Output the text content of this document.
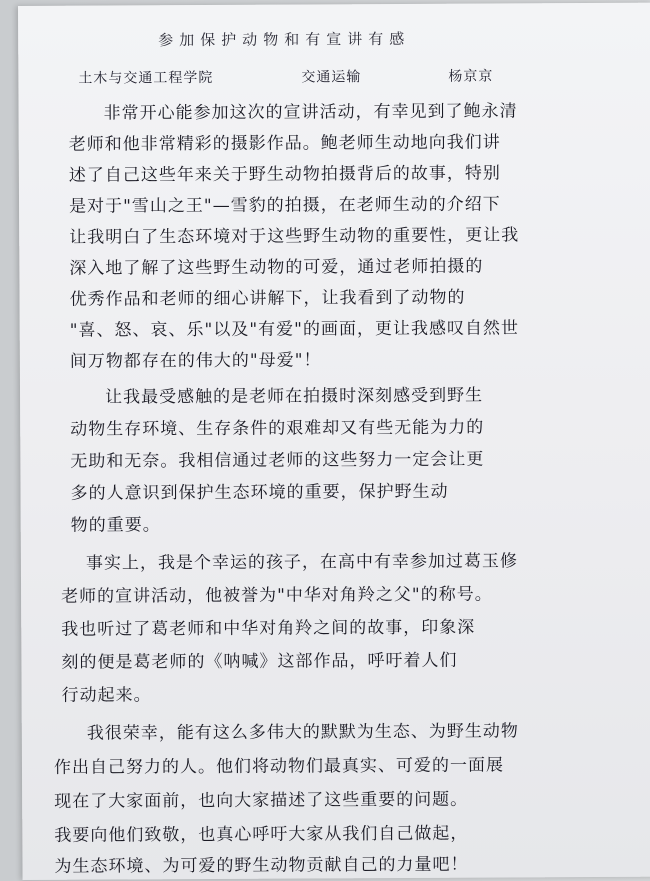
参加保护动物和有宣讲有感
土木与交通工程学院	交通运输	杨京京
非常开心能参加这次的宣讲活动，有幸见到了鲍永清
老师和他非常精彩的摄影作品。鲍老师生动地向我们讲
述了自己这些年来关于野生动物拍摄背后的故事，特别
是对于"雪山之王"—雪豹的拍摄，在老师生动的介绍下
让我明白了生态环境对于这些野生动物的重要性，更让我
深入地了解了这些野生动物的可爱，通过老师拍摄的
优秀作品和老师的细心讲解下，让我看到了动物的
"喜、怒、哀、乐"以及"有爱"的画面，更让我感叹自然世
间万物都存在的伟大的"母爱"！
让我最受感触的是老师在拍摄时深刻感受到野生
动物生存环境、生存条件的艰难却又有些无能为力的
无助和无奈。我相信通过老师的这些努力一定会让更
多的人意识到保护生态环境的重要，保护野生动
物的重要。
事实上，我是个幸运的孩子，在高中有幸参加过葛玉修
老师的宣讲活动，他被誉为"中华对角羚之父"的称号。
我也听过了葛老师和中华对角羚之间的故事，印象深
刻的便是葛老师的《呐喊》这部作品，呼吁着人们
行动起来。
我很荣幸，能有这么多伟大的默默为生态、为野生动物
作出自己努力的人。他们将动物们最真实、可爱的一面展
现在了大家面前，也向大家描述了这些重要的问题。
我要向他们致敬，也真心呼吁大家从我们自己做起，
为生态环境、为可爱的野生动物贡献自己的力量吧！
